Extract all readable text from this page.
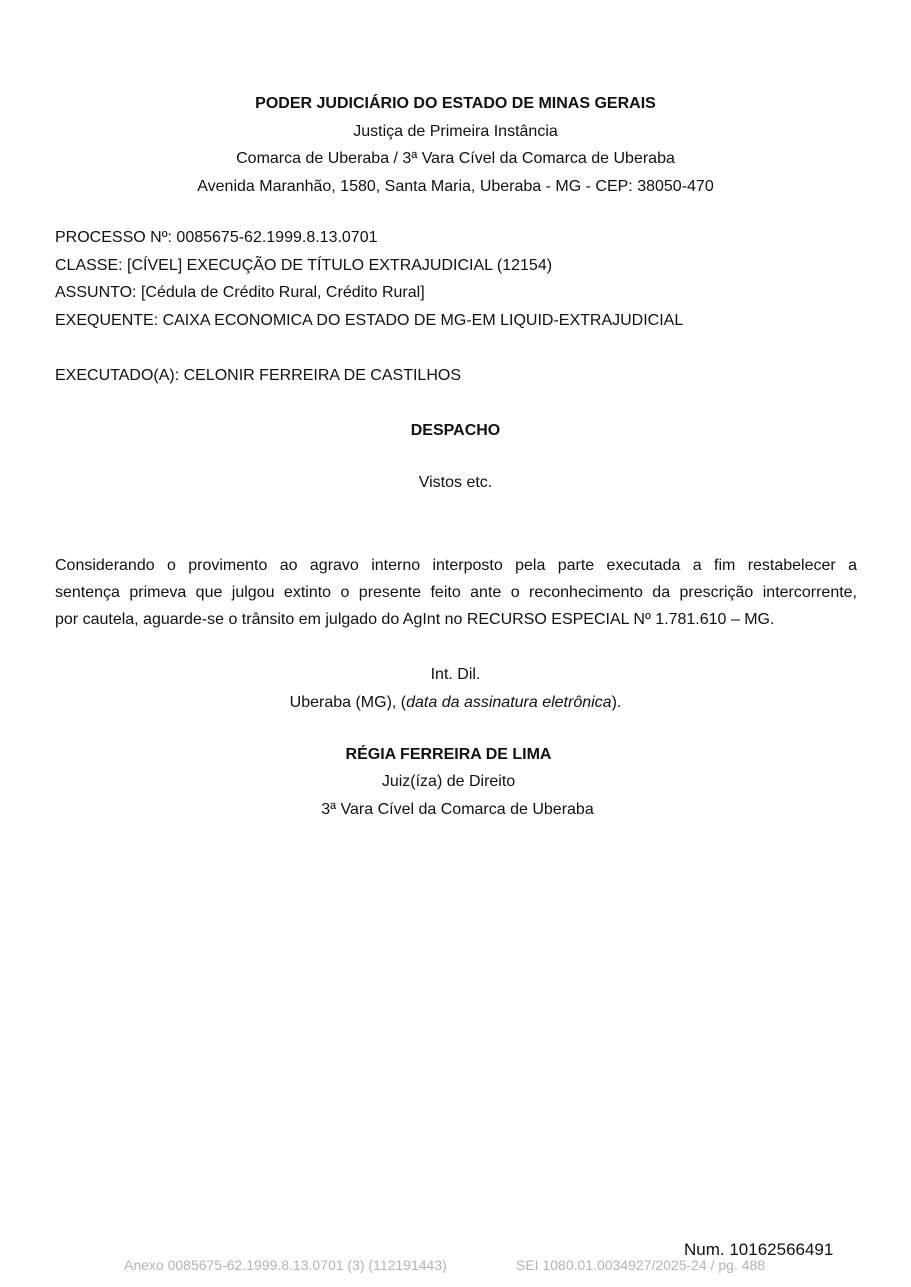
PODER JUDICIÁRIO DO ESTADO DE MINAS GERAIS
Justiça de Primeira Instância
Comarca de Uberaba / 3ª Vara Cível da Comarca de Uberaba
Avenida Maranhão, 1580, Santa Maria, Uberaba - MG - CEP: 38050-470
PROCESSO Nº: 0085675-62.1999.8.13.0701
CLASSE: [CÍVEL] EXECUÇÃO DE TÍTULO EXTRAJUDICIAL (12154)
ASSUNTO: [Cédula de Crédito Rural, Crédito Rural]
EXEQUENTE: CAIXA ECONOMICA DO ESTADO DE MG-EM LIQUID-EXTRAJUDICIAL
EXECUTADO(A): CELONIR FERREIRA DE CASTILHOS
DESPACHO
Vistos etc.
Considerando o provimento ao agravo interno interposto pela parte executada a fim restabelecer a
sentença primeva que julgou extinto o presente feito ante o reconhecimento da prescrição intercorrente,
por cautela, aguarde-se o trânsito em julgado do AgInt no RECURSO ESPECIAL Nº 1.781.610 – MG.
Int. Dil.
Uberaba (MG), (data da assinatura eletrônica).
RÉGIA FERREIRA DE LIMA
Juiz(íza) de Direito
3ª Vara Cível da Comarca de Uberaba
Num. 10162566491
Anexo 0085675-62.1999.8.13.0701 (3) (112191443)	SEI 1080.01.0034927/2025-24 / pg. 488
